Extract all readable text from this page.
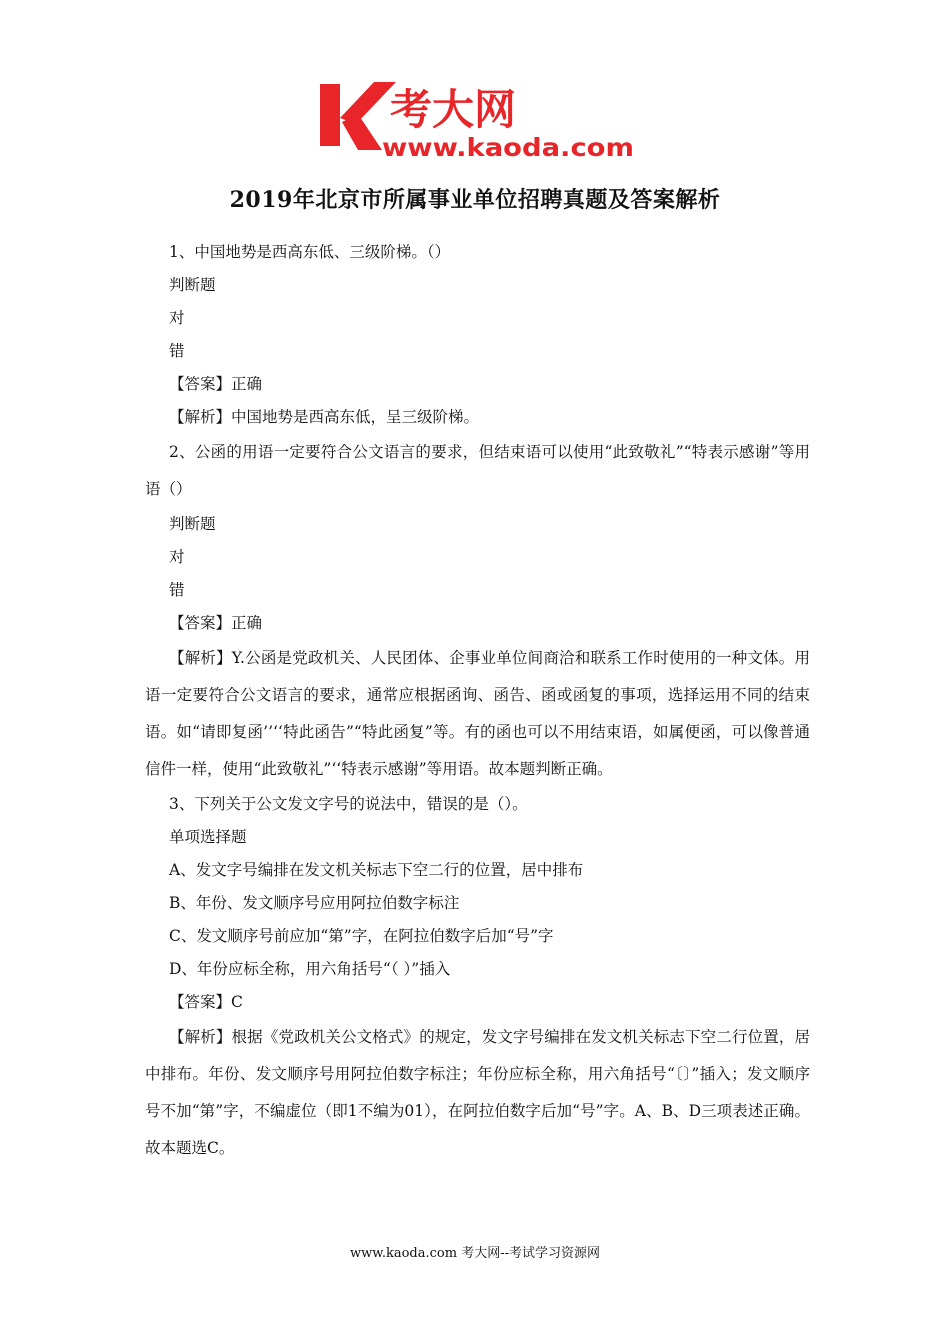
考大网
www.kaoda.com
2019年北京市所属事业单位招聘真题及答案解析
1、中国地势是西高东低、三级阶梯。（）
判断题
对
错
【答案】正确
【解析】中国地势是西高东低，呈三级阶梯。

2、公函的用语一定要符合公文语言的要求，但结束语可以使用“此致敬礼”“特表示感谢”等用语（）

判断题
对
错
【答案】正确

【解析】Y.公函是党政机关、人民团体、企事业单位间商洽和联系工作时使用的一种文体。用语一定要符合公文语言的要求，通常应根据函询、函告、函或函复的事项，选择运用不同的结束语。如“请即复函’’‘‘特此函告”“特此函复”等。有的函也可以不用结束语，如属便函，可以像普通信件一样，使用“此致敬礼”‘‘特表示感谢”等用语。故本题判断正确。

3、下列关于公文发文字号的说法中，错误的是（）。
单项选择题
A、发文字号编排在发文机关标志下空二行的位置，居中排布
B、年份、发文顺序号应用阿拉伯数字标注
C、发文顺序号前应加“第”字，在阿拉伯数字后加“号”字
D、年份应标全称，用六角括号“（ ）”插入
【答案】C

【解析】根据《党政机关公文格式》的规定，发文字号编排在发文机关标志下空二行位置，居中排布。年份、发文顺序号用阿拉伯数字标注；年份应标全称，用六角括号“〔〕”插入；发文顺序号不加“第”字，不编虚位（即1不编为01），在阿拉伯数字后加“号”字。A、B、D三项表述正确。故本题选C。

www.kaoda.com 考大网--考试学习资源网
